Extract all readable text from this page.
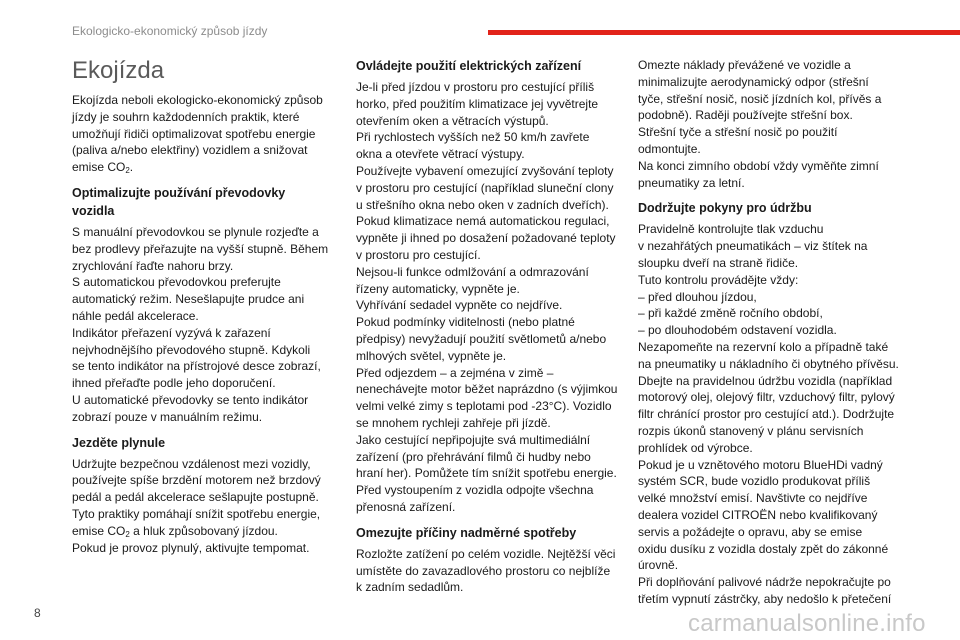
Ekologicko-ekonomický způsob jízdy
Ekojízda
Ekojízda neboli ekologicko-ekonomický způsob
jízdy je souhrn každodenních praktik, které
umožňují řidiči optimalizovat spotřebu energie
(paliva a/nebo elektřiny) vozidlem a snižovat
emise $CO_2$.
Optimalizujte používání převodovky
vozidla
S manuální převodovkou se plynule rozjeďte a
bez prodlevy přeřazujte na vyšší stupně. Během
zrychlování řaďte nahoru brzy.
S automatickou převodovkou preferujte
automatický režim. Nesešlapujte prudce ani
náhle pedál akcelerace.
Indikátor přeřazení vyzývá k zařazení
nejvhodnějšího převodového stupně. Kdykoli
se tento indikátor na přístrojové desce zobrazí,
ihned přeřaďte podle jeho doporučení.
U automatické převodovky se tento indikátor
zobrazí pouze v manuálním režimu.
Jezděte plynule
Udržujte bezpečnou vzdálenost mezi vozidly,
používejte spíše brzdění motorem než brzdový
pedál a pedál akcelerace sešlapujte postupně.
Tyto praktiky pomáhají snížit spotřebu energie,
emise $CO_2$ a hluk způsobovaný jízdou.
Pokud je provoz plynulý, aktivujte tempomat.
Ovládejte použití elektrických zařízení
Je-li před jízdou v prostoru pro cestující příliš
horko, před použitím klimatizace jej vyvětrejte
otevřením oken a větracích výstupů.
Při rychlostech vyšších než 50 km/h zavřete
okna a otevřete větrací výstupy.
Používejte vybavení omezující zvyšování teploty
v prostoru pro cestující (například sluneční clony
u střešního okna nebo oken v zadních dveřích).
Pokud klimatizace nemá automatickou regulaci,
vypněte ji ihned po dosažení požadované teploty
v prostoru pro cestující.
Nejsou-li funkce odmlžování a odmrazování
řízeny automaticky, vypněte je.
Vyhřívání sedadel vypněte co nejdříve.
Pokud podmínky viditelnosti (nebo platné
předpisy) nevyžadují použití světlometů a/nebo
mlhových světel, vypněte je.
Před odjezdem – a zejména v zimě –
nenechávejte motor běžet naprázdno (s výjimkou
velmi velké zimy s teplotami pod -23°C). Vozidlo
se mnohem rychleji zahřeje při jízdě.
Jako cestující nepřipojujte svá multimediální
zařízení (pro přehrávání filmů či hudby nebo
hraní her). Pomůžete tím snížit spotřebu energie.
Před vystoupením z vozidla odpojte všechna
přenosná zařízení.
Omezujte příčiny nadměrné spotřeby
Rozložte zatížení po celém vozidle. Nejtěžší věci
umístěte do zavazadlového prostoru co nejblíže
k zadním sedadlům.
Omezte náklady převážené ve vozidle a
minimalizujte aerodynamický odpor (střešní
tyče, střešní nosič, nosič jízdních kol, přívěs a
podobně). Raději používejte střešní box.
Střešní tyče a střešní nosič po použití
odmontujte.
Na konci zimního období vždy vyměňte zimní
pneumatiky za letní.
Dodržujte pokyny pro údržbu
Pravidelně kontrolujte tlak vzduchu
v nezahřátých pneumatikách – viz štítek na
sloupku dveří na straně řidiče.
Tuto kontrolu provádějte vždy:
– před dlouhou jízdou,
– při každé změně ročního období,
– po dlouhodobém odstavení vozidla.
Nezapomeňte na rezervní kolo a případně také
na pneumatiky u nákladního či obytného přívěsu.
Dbejte na pravidelnou údržbu vozidla (například
motorový olej, olejový filtr, vzduchový filtr, pylový
filtr chránící prostor pro cestující atd.). Dodržujte
rozpis úkonů stanovený v plánu servisních
prohlídek od výrobce.
Pokud je u vznětového motoru BlueHDi vadný
systém SCR, bude vozidlo produkovat příliš
velké množství emisí. Navštivte co nejdříve
dealera vozidel CITROËN nebo kvalifikovaný
servis a požádejte o opravu, aby se emise
oxidu dusíku z vozidla dostaly zpět do zákonné
úrovně.
Při doplňování palivové nádrže nepokračujte po
třetím vypnutí zástrčky, aby nedošlo k přetečení
8	carmanualsonline.info
